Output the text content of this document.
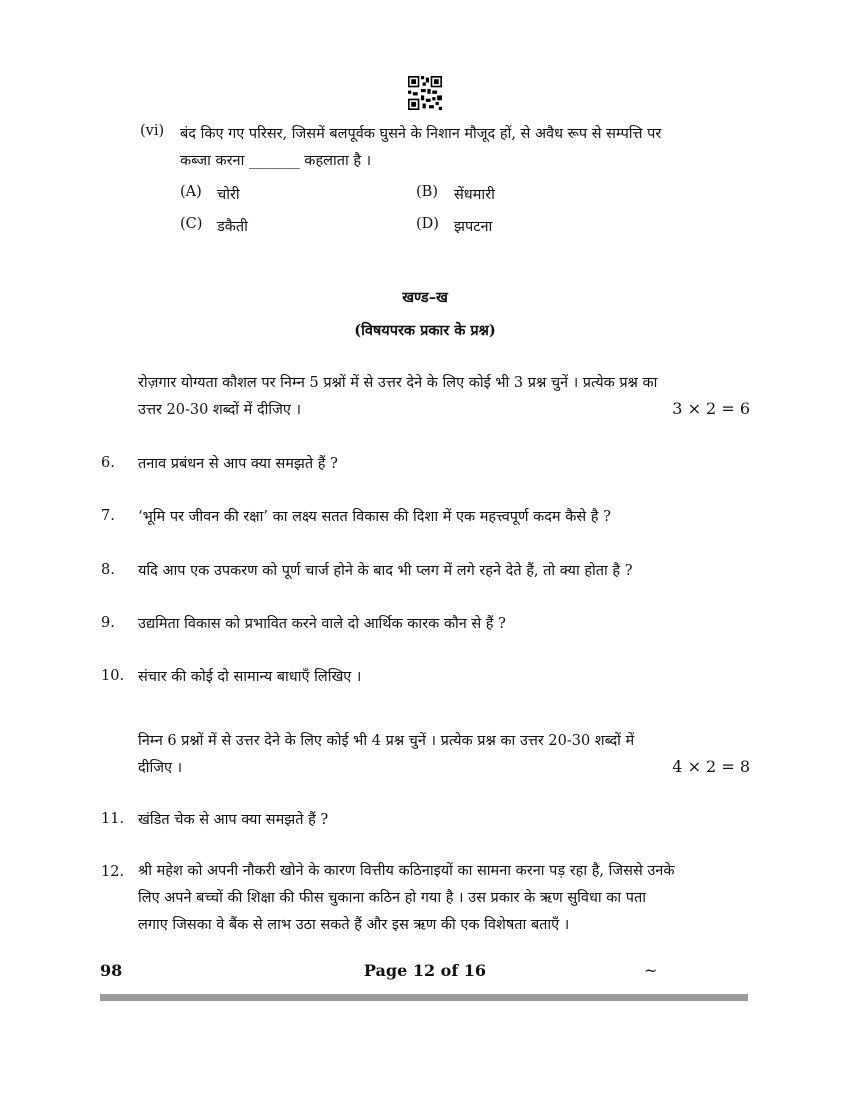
(vi) बंद किए गए परिसर, जिसमें बलपूर्वक घुसने के निशान मौजूद हों, से अवैध रूप से सम्पत्ति पर
कब्जा करना _______ कहलाता है ।
(A) चोरी	(B) सेंधमारी
(C) डकैती	(D) झपटना
खण्ड–ख
(विषयपरक प्रकार के प्रश्न)
रोज़गार योग्यता कौशल पर निम्न 5 प्रश्नों में से उत्तर देने के लिए कोई भी 3 प्रश्न चुनें । प्रत्येक प्रश्न का
उत्तर 20-30 शब्दों में दीजिए ।	3 × 2 = 6
6. तनाव प्रबंधन से आप क्या समझते हैं ?
7. ‘भूमि पर जीवन की रक्षा’ का लक्ष्य सतत विकास की दिशा में एक महत्त्वपूर्ण कदम कैसे है ?
8. यदि आप एक उपकरण को पूर्ण चार्ज होने के बाद भी प्लग में लगे रहने देते हैं, तो क्या होता है ?
9. उद्यमिता विकास को प्रभावित करने वाले दो आर्थिक कारक कौन से हैं ?
10. संचार की कोई दो सामान्य बाधाएँ लिखिए ।
निम्न 6 प्रश्नों में से उत्तर देने के लिए कोई भी 4 प्रश्न चुनें । प्रत्येक प्रश्न का उत्तर 20-30 शब्दों में
दीजिए ।	4 × 2 = 8
11. खंडित चेक से आप क्या समझते हैं ?
12. श्री महेश को अपनी नौकरी खोने के कारण वित्तीय कठिनाइयों का सामना करना पड़ रहा है, जिससे उनके
लिए अपने बच्चों की शिक्षा की फीस चुकाना कठिन हो गया है । उस प्रकार के ऋण सुविधा का पता
लगाए जिसका वे बैंक से लाभ उठा सकते हैं और इस ऋण की एक विशेषता बताएँ ।
98	Page 12 of 16	~
